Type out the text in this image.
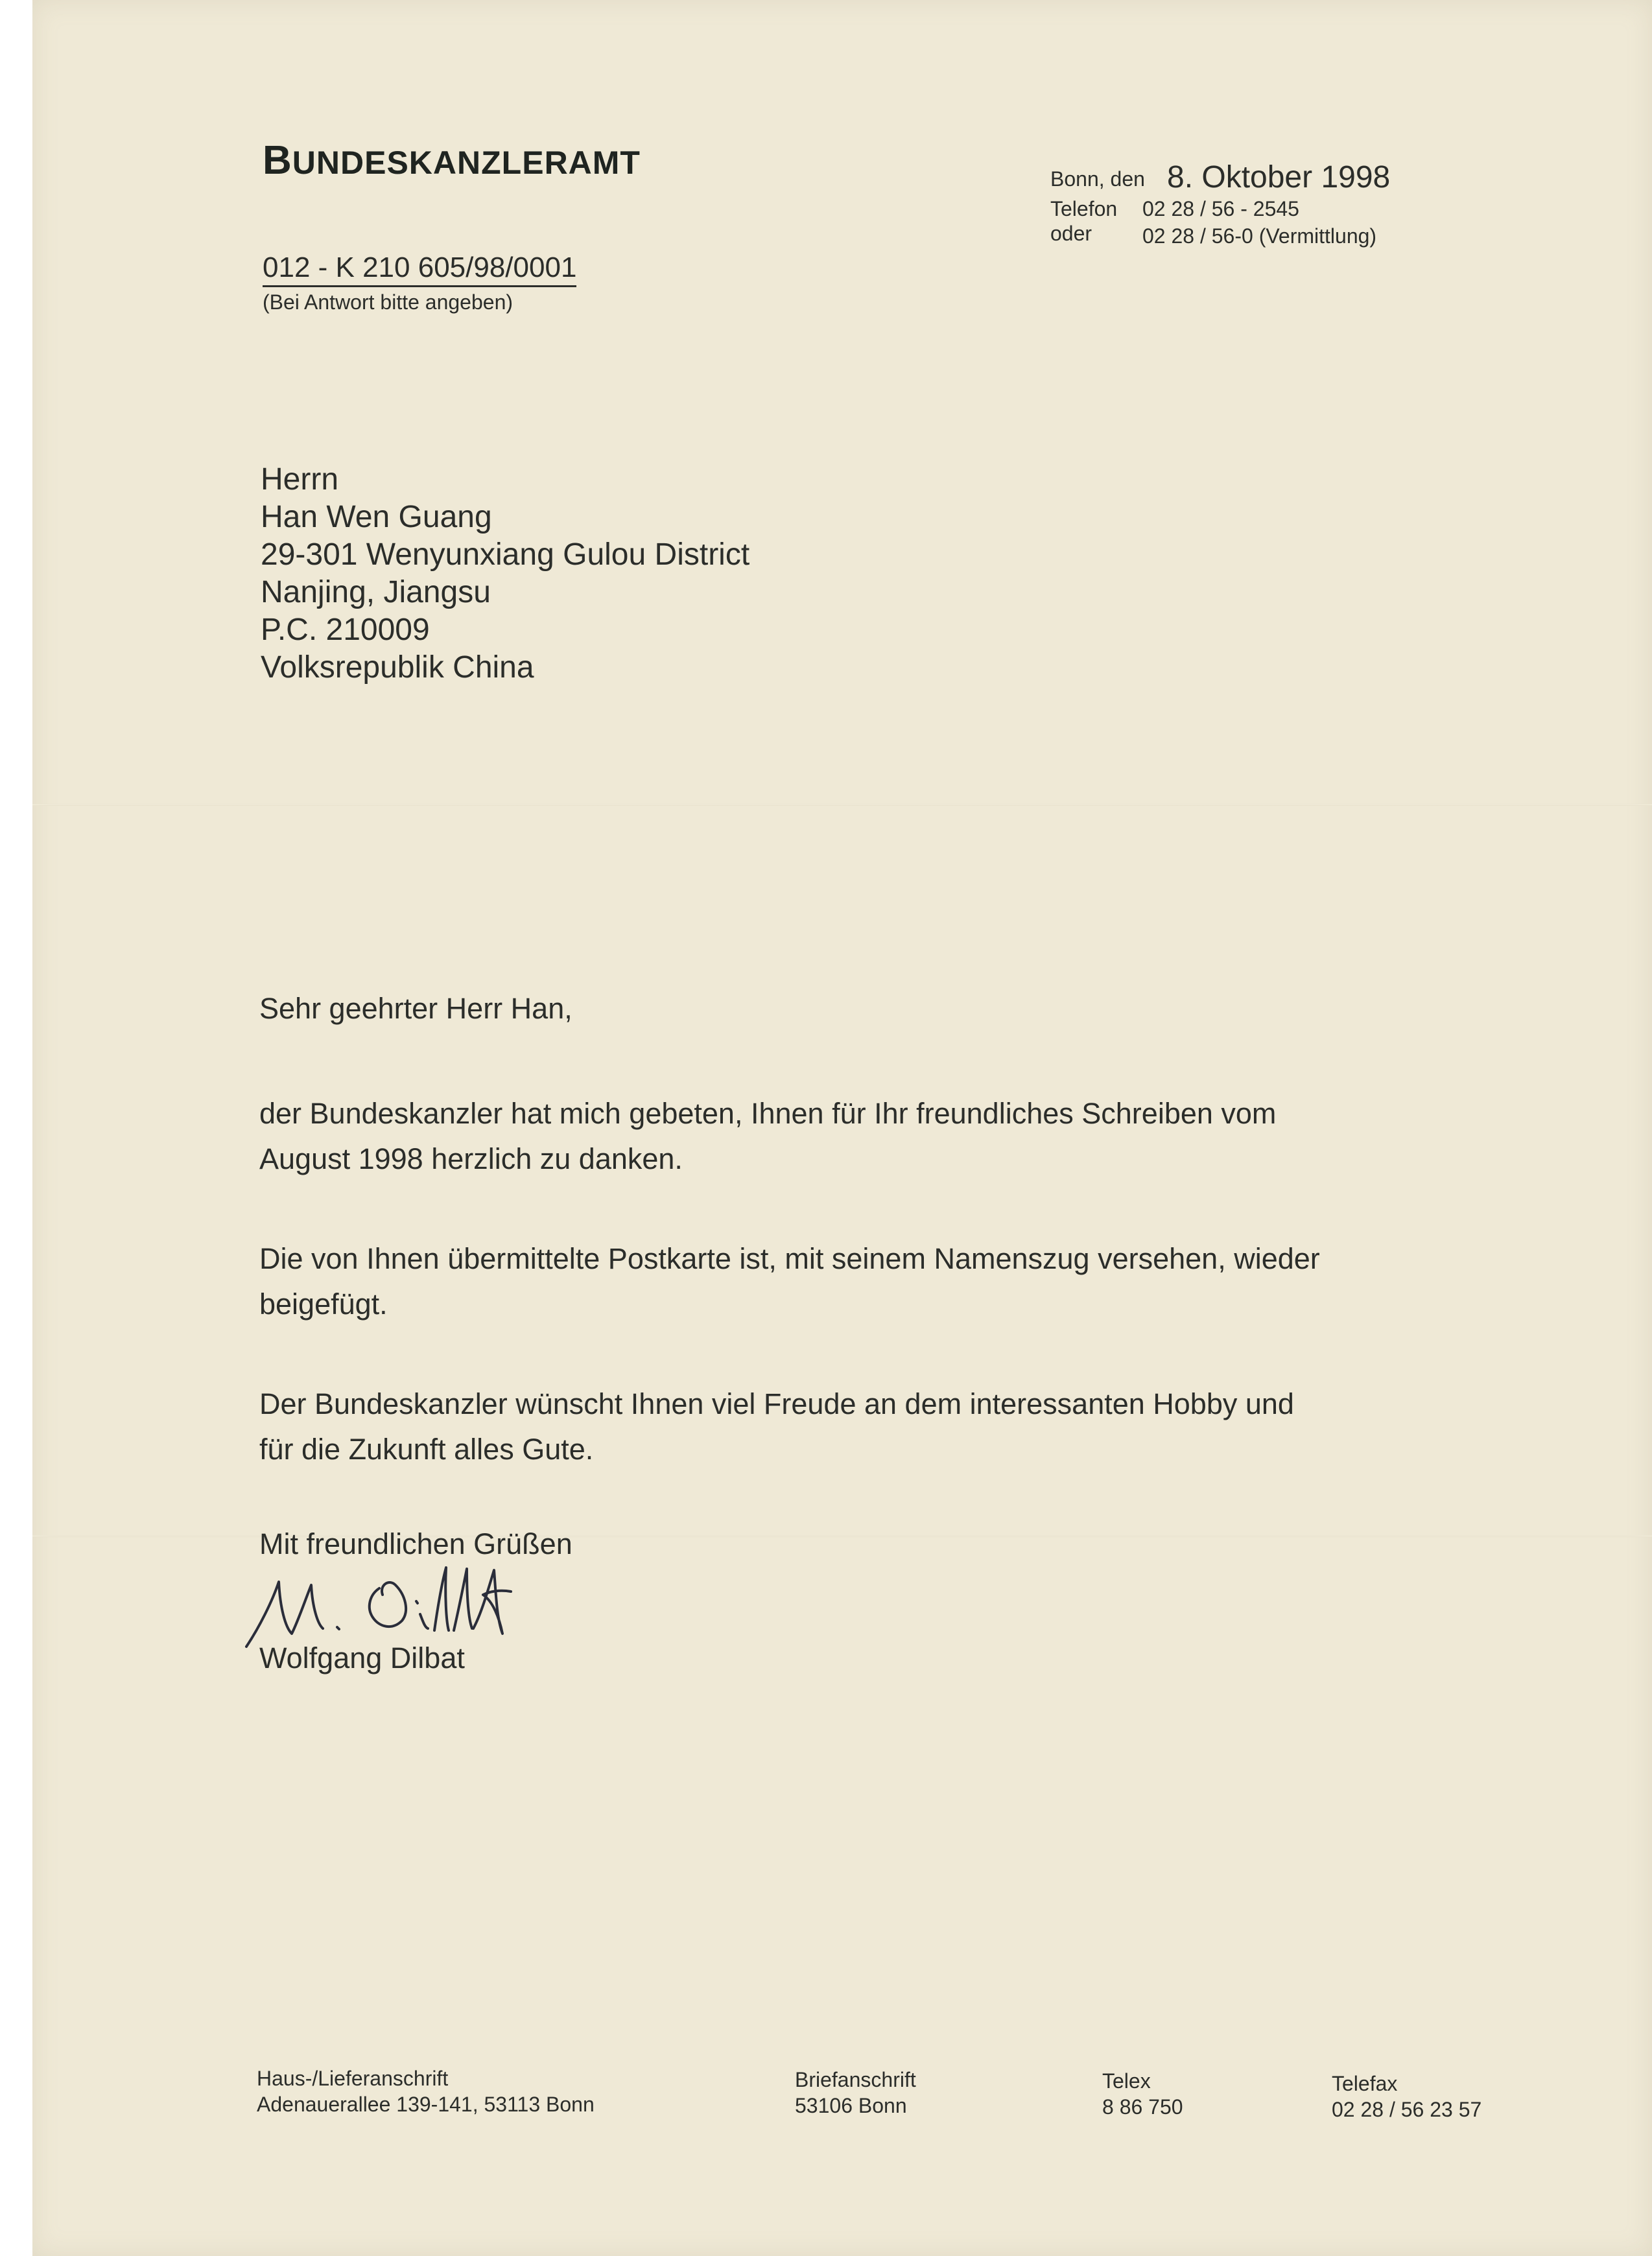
BUNDESKANZLERAMT	Bonn, den 8. Oktober 1998
Telefon 02 28 / 56 - 2545
oder 02 28 / 56-0 (Vermittlung)
012 - K 210 605/98/0001
(Bei Antwort bitte angeben)
Herrn
Han Wen Guang
29-301 Wenyunxiang Gulou District
Nanjing, Jiangsu
P.C. 210009
Volksrepublik China
Sehr geehrter Herr Han,
der Bundeskanzler hat mich gebeten, Ihnen für Ihr freundliches Schreiben vom
August 1998 herzlich zu danken.
Die von Ihnen übermittelte Postkarte ist, mit seinem Namenszug versehen, wieder
beigefügt.
Der Bundeskanzler wünscht Ihnen viel Freude an dem interessanten Hobby und
für die Zukunft alles Gute.
Mit freundlichen Grüßen
Wolfgang Dilbat
Haus-/Lieferanschrift
Adenauerallee 139-141, 53113 Bonn
Briefanschrift
53106 Bonn
Telex
8 86 750
Telefax
02 28 / 56 23 57
